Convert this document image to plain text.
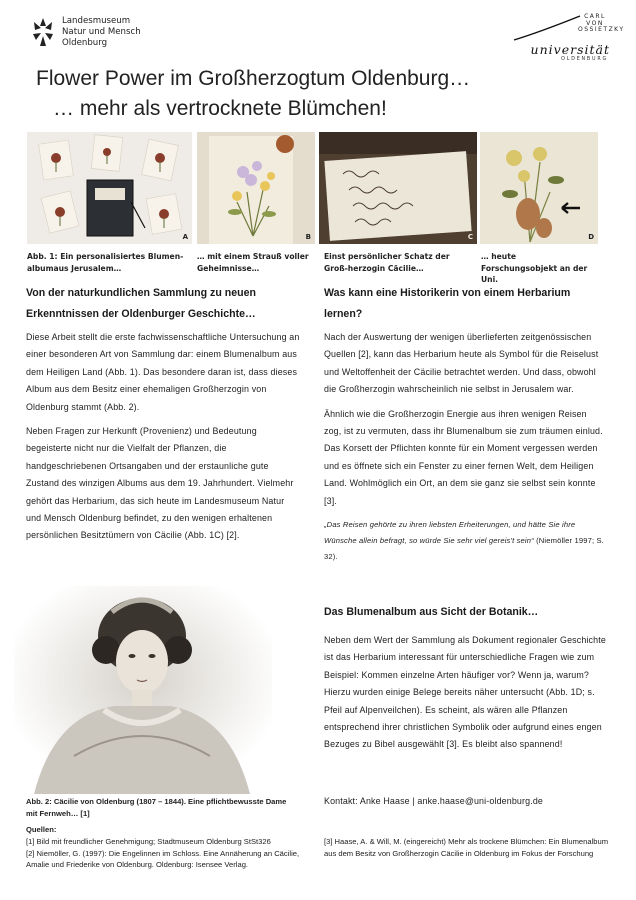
Landesmuseum
Natur und Mensch
Oldenburg
CARL VON OSSIETZKY
universität
OLDENBURG
Flower Power im Großherzogtum Oldenburg…
… mehr als vertrocknete Blümchen!
A	B	C	D
Abb. 1: Ein personalisiertes Blumen-albumaus Jerusalem…
… mit einem Strauß voller Geheimnisse…
Einst persönlicher Schatz der Groß-herzogin Cäcilie…
… heute Forschungsobjekt an der Uni.
Von der naturkundlichen Sammlung zu neuen Erkenntnissen der Oldenburger Geschichte…

Diese Arbeit stellt die erste fachwissenschaftliche Untersuchung an einer besonderen Art von Sammlung dar: einem Blumenalbum aus dem Heiligen Land (Abb. 1). Das besondere daran ist, dass dieses Album aus dem Besitz einer ehemaligen Großherzogin von Oldenburg stammt (Abb. 2).

Neben Fragen zur Herkunft (Provenienz) und Bedeutung begeisterte nicht nur die Vielfalt der Pflanzen, die handgeschriebenen Ortsangaben und der erstaunliche gute Zustand des winzigen Albums aus dem 19. Jahrhundert. Vielmehr gehört das Herbarium, das sich heute im Landesmuseum Natur und Mensch Oldenburg befindet, zu den wenigen erhaltenen persönlichen Besitztümern von Cäcilie (Abb. 1C) [2].

Abb. 2: Cäcilie von Oldenburg (1807 – 1844). Eine pflichtbewusste Dame mit Fernweh… [1]
Quellen:
[1] Bild mit freundlicher Genehmigung; Stadtmuseum Oldenburg StSt326
[2] Niemöller, G. (1997): Die Engelinnen im Schloss. Eine Annäherung an Cäcilie, Amalie und Friederike von Oldenburg. Oldenburg: Isensee Verlag.
Was kann eine Historikerin von einem Herbarium lernen?

Nach der Auswertung der wenigen überlieferten zeitgenössischen Quellen [2], kann das Herbarium heute als Symbol für die Reiselust und Weltoffenheit der Cäcilie betrachtet werden. Und dass, obwohl die Großherzogin wahrscheinlich nie selbst in Jerusalem war.

Ähnlich wie die Großherzogin Energie aus ihren wenigen Reisen zog, ist zu vermuten, dass ihr Blumenalbum sie zum träumen einlud. Das Korsett der Pflichten konnte für ein Moment vergessen werden und es öffnete sich ein Fenster zu einer fernen Welt, dem Heiligen Land. Wohlmöglich ein Ort, an dem sie ganz sie selbst sein konnte [3].

„Das Reisen gehörte zu ihren liebsten Erheiterungen, und hätte Sie ihre Wünsche allein befragt, so würde Sie sehr viel gereis't sein“ (Niemöller 1997; S. 32).

Das Blumenalbum aus Sicht der Botanik…

Neben dem Wert der Sammlung als Dokument regionaler Geschichte ist das Herbarium interessant für unterschiedliche Fragen wie zum Beispiel: Kommen einzelne Arten häufiger vor? Wenn ja, warum? Hierzu wurden einige Belege bereits näher untersucht (Abb. 1D; s. Pfeil auf Alpenveilchen). Es scheint, als wären alle Pflanzen entsprechend ihrer christlichen Symbolik oder aufgrund eines engen Bezuges zu Bibel ausgewählt [3]. Es bleibt also spannend!

Kontakt: Anke Haase | anke.haase@uni-oldenburg.de
[3] Haase, A. & Will, M. (eingereicht) Mehr als trockene Blümchen: Ein Blumenalbum aus dem Besitz von Großherzogin Cäcilie in Oldenburg im Fokus der Forschung
